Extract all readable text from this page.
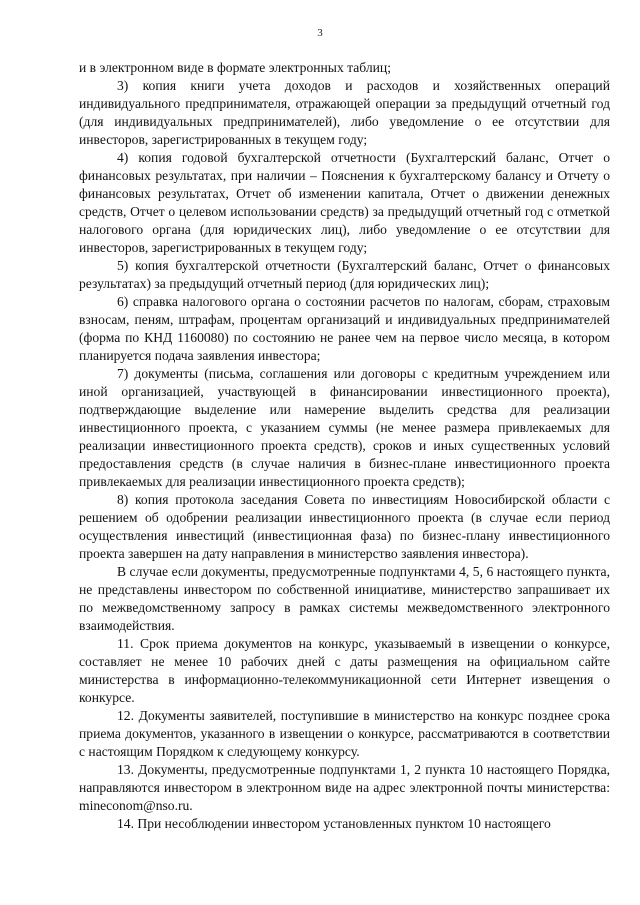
3

и в электронном виде в формате электронных таблиц;

3) копия книги учета доходов и расходов и хозяйственных операций индивидуального предпринимателя, отражающей операции за предыдущий отчетный год (для индивидуальных предпринимателей), либо уведомление о ее отсутствии для инвесторов, зарегистрированных в текущем году;

4) копия годовой бухгалтерской отчетности (Бухгалтерский баланс, Отчет о финансовых результатах, при наличии – Пояснения к бухгалтерскому балансу и Отчету о финансовых результатах, Отчет об изменении капитала, Отчет о движении денежных средств, Отчет о целевом использовании средств) за предыдущий отчетный год с отметкой налогового органа (для юридических лиц), либо уведомление о ее отсутствии для инвесторов, зарегистрированных в текущем году;

5) копия бухгалтерской отчетности (Бухгалтерский баланс, Отчет о финансовых результатах) за предыдущий отчетный период (для юридических лиц);

6) справка налогового органа о состоянии расчетов по налогам, сборам, страховым взносам, пеням, штрафам, процентам организаций и индивидуальных предпринимателей (форма по КНД 1160080) по состоянию не ранее чем на первое число месяца, в котором планируется подача заявления инвестора;

7) документы (письма, соглашения или договоры с кредитным учреждением или иной организацией, участвующей в финансировании инвестиционного проекта), подтверждающие выделение или намерение выделить средства для реализации инвестиционного проекта, с указанием суммы (не менее размера привлекаемых для реализации инвестиционного проекта средств), сроков и иных существенных условий предоставления средств (в случае наличия в бизнес-плане инвестиционного проекта привлекаемых для реализации инвестиционного проекта средств);

8) копия протокола заседания Совета по инвестициям Новосибирской области с решением об одобрении реализации инвестиционного проекта (в случае если период осуществления инвестиций (инвестиционная фаза) по бизнес-плану инвестиционного проекта завершен на дату направления в министерство заявления инвестора).

В случае если документы, предусмотренные подпунктами 4, 5, 6 настоящего пункта, не представлены инвестором по собственной инициативе, министерство запрашивает их по межведомственному запросу в рамках системы межведомственного электронного взаимодействия.

11. Срок приема документов на конкурс, указываемый в извещении о конкурсе, составляет не менее 10 рабочих дней с даты размещения на официальном сайте министерства в информационно-телекоммуникационной сети Интернет извещения о конкурсе.

12. Документы заявителей, поступившие в министерство на конкурс позднее срока приема документов, указанного в извещении о конкурсе, рассматриваются в соответствии с настоящим Порядком к следующему конкурсу.

13. Документы, предусмотренные подпунктами 1, 2 пункта 10 настоящего Порядка, направляются инвестором в электронном виде на адрес электронной почты министерства: mineconom@nso.ru.

14. При несоблюдении инвестором установленных пунктом 10 настоящего
